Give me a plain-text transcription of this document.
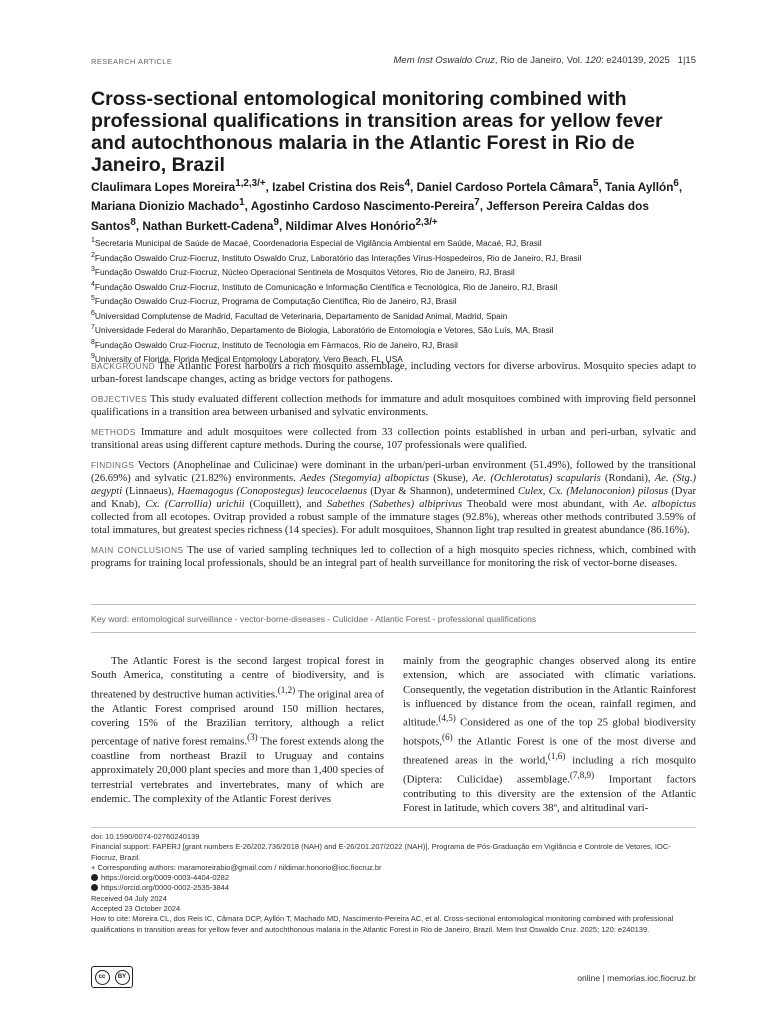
RESEARCH ARTICLE	Mem Inst Oswaldo Cruz, Rio de Janeiro, Vol. 120: e240139, 2025 1|15
Cross-sectional entomological monitoring combined with professional qualifications in transition areas for yellow fever and autochthonous malaria in the Atlantic Forest in Rio de Janeiro, Brazil
Claulimara Lopes Moreira$^{1,2,3/+}$, Izabel Cristina dos Reis$^4$, Daniel Cardoso Portela Câmara$^5$, Tania Ayllón$^6$, Mariana Dionizio Machado$^1$, Agostinho Cardoso Nascimento-Pereira$^7$, Jefferson Pereira Caldas dos Santos$^8$, Nathan Burkett-Cadena$^9$, Nildimar Alves Honório$^{2,3/+}$
$^1$Secretaria Municipal de Saúde de Macaé, Coordenadoria Especial de Vigilância Ambiental em Saúde, Macaé, RJ, Brasil
$^2$Fundação Oswaldo Cruz-Fiocruz, Instituto Oswaldo Cruz, Laboratório das Interações Vírus-Hospedeiros, Rio de Janeiro, RJ, Brasil
$^3$Fundação Oswaldo Cruz-Fiocruz, Núcleo Operacional Sentinela de Mosquitos Vetores, Rio de Janeiro, RJ, Brasil
$^4$Fundação Oswaldo Cruz-Fiocruz, Instituto de Comunicação e Informação Científica e Tecnológica, Rio de Janeiro, RJ, Brasil
$^5$Fundação Oswaldo Cruz-Fiocruz, Programa de Computação Científica, Rio de Janeiro, RJ, Brasil
$^6$Universidad Complutense de Madrid, Facultad de Veterinaria, Departamento de Sanidad Animal, Madrid, Spain
$^7$Universidade Federal do Maranhão, Departamento de Biologia, Laboratório de Entomologia e Vetores, São Luís, MA, Brasil
$^8$Fundação Oswaldo Cruz-Fiocruz, Instituto de Tecnologia em Fármacos, Rio de Janeiro, RJ, Brasil
$^9$University of Florida, Florida Medical Entomology Laboratory, Vero Beach, FL, USA

BACKGROUND The Atlantic Forest harbours a rich mosquito assemblage, including vectors for diverse arbovirus. Mosquito species adapt to urban-forest landscape changes, acting as bridge vectors for pathogens.

OBJECTIVES This study evaluated different collection methods for immature and adult mosquitoes combined with improving field personnel qualifications in a transition area between urbanised and sylvatic environments.

METHODS Immature and adult mosquitoes were collected from 33 collection points established in urban and peri-urban, sylvatic and transitional areas using different capture methods. During the course, 107 professionals were qualified.

FINDINGS Vectors (Anophelinae and Culicinae) were dominant in the urban/peri-urban environment (51.49%), followed by the transitional (26.69%) and sylvatic (21.82%) environments. Aedes (Stegomyia) albopictus (Skuse), Ae. (Ochlerotatus) scapularis (Rondani), Ae. (Stg.) aegypti (Linnaeus), Haemagogus (Conopostegus) leucocelaenus (Dyar & Shannon), undetermined Culex, Cx. (Melanoconion) pilosus (Dyar and Knab), Cx. (Carrollia) urichii (Coquillett), and Sabethes (Sabethes) albiprivus Theobald were most abundant, with Ae. albopictus collected from all ecotopes. Ovitrap provided a robust sample of the immature stages (92.8%), whereas other methods contributed 3.59% of total immatures, but greatest species richness (14 species). For adult mosquitoes, Shannon light trap resulted in greatest abundance (86.16%).

MAIN CONCLUSIONS The use of varied sampling techniques led to collection of a high mosquito species richness, which, combined with programs for training local professionals, should be an integral part of health surveillance for monitoring the risk of vector-borne diseases.

Key word: entomological surveillance - vector-borne-diseases - Culicidae - Atlantic Forest - professional qualifications

The Atlantic Forest is the second largest tropical forest in South America, constituting a centre of biodiversity, and is threatened by destructive human activities.$^{(1,2)}$ The original area of the Atlantic Forest comprised around 150 million hectares, covering 15% of the Brazilian territory, although a relict percentage of native forest remains.$^{(3)}$ The forest extends along the coastline from northeast Brazil to Uruguay and contains approximately 20,000 plant species and more than 1,400 species of terrestrial vertebrates and invertebrates, many of which are endemic. The complexity of the Atlantic Forest derives

mainly from the geographic changes observed along its entire extension, which are associated with climatic variations. Consequently, the vegetation distribution in the Atlantic Rainforest is influenced by distance from the ocean, rainfall regimen, and altitude.$^{(4,5)}$ Considered as one of the top 25 global biodiversity hotspots,$^{(6)}$ the Atlantic Forest is one of the most diverse and threatened areas in the world,$^{(1,6)}$ including a rich mosquito (Diptera: Culicidae) assemblage.$^{(7,8,9)}$ Important factors contributing to this diversity are the extension of the Atlantic Forest in latitude, which covers 38º, and altitudinal vari-

doi: 10.1590/0074-02760240139
Financial support: FAPERJ [grant numbers E-26/202.736/2018 (NAH) and E-26/201.207/2022 (NAH)], Programa de Pós-Graduação em Vigilância e Controle de Vetores, IOC-Fiocruz, Brazil.
+ Corresponding authors: maramoreirabio@gmail.com / nildimar.honorio@ioc.fiocruz.br
https://orcid.org/0009-0003-4404-0282
https://orcid.org/0000-0002-2535-3844
Received 04 July 2024
Accepted 23 October 2024
How to cite: Moreira CL, dos Reis IC, Câmara DCP, Ayllón T, Machado MD, Nascimento-Pereira AC, et al. Cross-sectional entomological monitoring combined with professional qualifications in transition areas for yellow fever and autochthonous malaria in the Atlantic Forest in Rio de Janeiro, Brazil. Mem Inst Oswaldo Cruz. 2025; 120: e240139.
cc	BY	online | memorias.ioc.fiocruz.br
